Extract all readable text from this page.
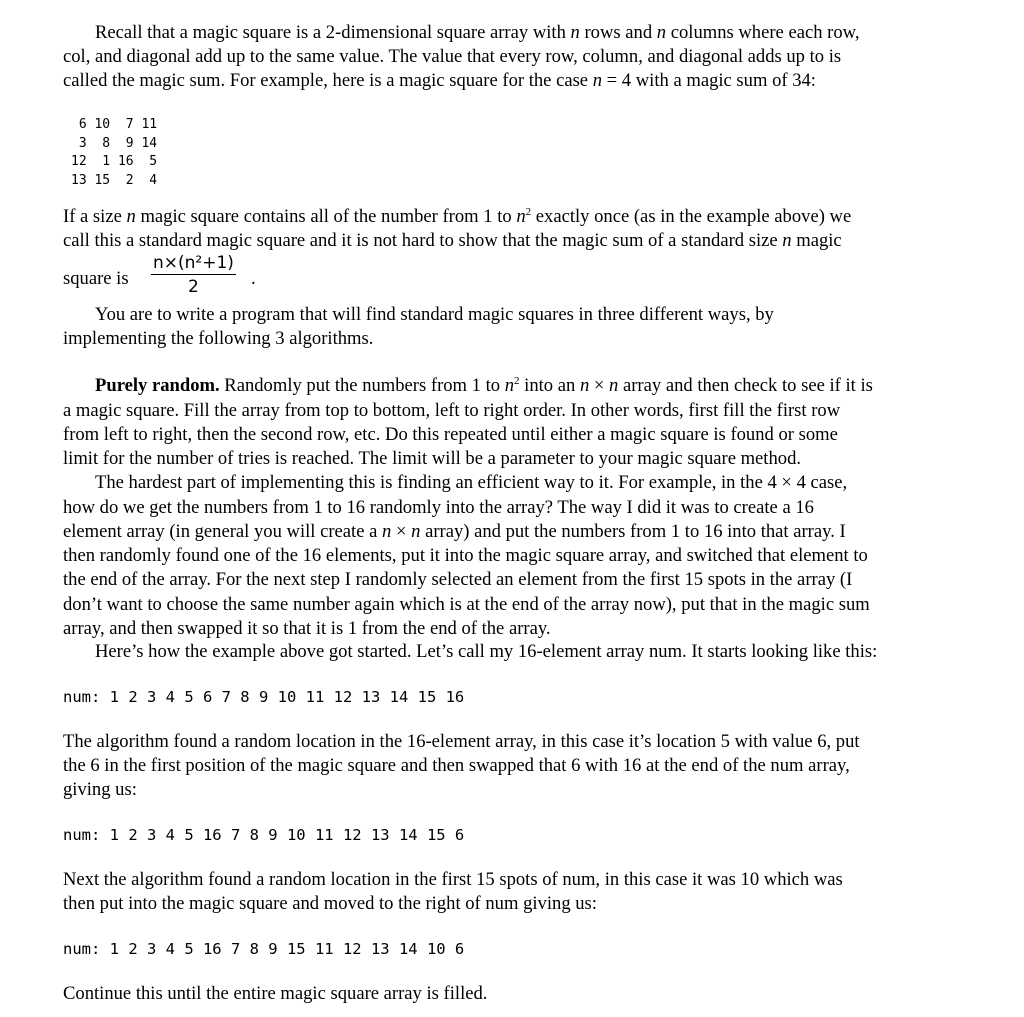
Recall that a magic square is a 2-dimensional square array with n rows and n columns where each row,
col, and diagonal add up to the same value. The value that every row, column, and diagonal adds up to is
called the magic sum. For example, here is a magic square for the case n = 4 with a magic sum of 34:
6 10  7 11
3  8  9 14
12  1 16  5
13 15  2  4
If a size n magic square contains all of the number from 1 to $n^2$ exactly once (as in the example above) we
call this a standard magic square and it is not hard to show that the magic sum of a standard size n magic
square is $\frac{\text{n×(n²+1)}}{2}$ .
You are to write a program that will find standard magic squares in three different ways, by
implementing the following 3 algorithms.
Purely random. Randomly put the numbers from 1 to $n^2$ into an n × n array and then check to see if it is
a magic square. Fill the array from top to bottom, left to right order. In other words, first fill the first row
from left to right, then the second row, etc. Do this repeated until either a magic square is found or some
limit for the number of tries is reached. The limit will be a parameter to your magic square method.
The hardest part of implementing this is finding an efficient way to it. For example, in the 4 × 4 case,
how do we get the numbers from 1 to 16 randomly into the array? The way I did it was to create a 16
element array (in general you will create a n × n array) and put the numbers from 1 to 16 into that array. I
then randomly found one of the 16 elements, put it into the magic square array, and switched that element to
the end of the array. For the next step I randomly selected an element from the first 15 spots in the array (I
don’t want to choose the same number again which is at the end of the array now), put that in the magic sum
array, and then swapped it so that it is 1 from the end of the array.
Here’s how the example above got started. Let’s call my 16-element array num. It starts looking like this:
num: 1 2 3 4 5 6 7 8 9 10 11 12 13 14 15 16
The algorithm found a random location in the 16-element array, in this case it’s location 5 with value 6, put
the 6 in the first position of the magic square and then swapped that 6 with 16 at the end of the num array,
giving us:
num: 1 2 3 4 5 16 7 8 9 10 11 12 13 14 15 6
Next the algorithm found a random location in the first 15 spots of num, in this case it was 10 which was
then put into the magic square and moved to the right of num giving us:
num: 1 2 3 4 5 16 7 8 9 15 11 12 13 14 10 6
Continue this until the entire magic square array is filled.
